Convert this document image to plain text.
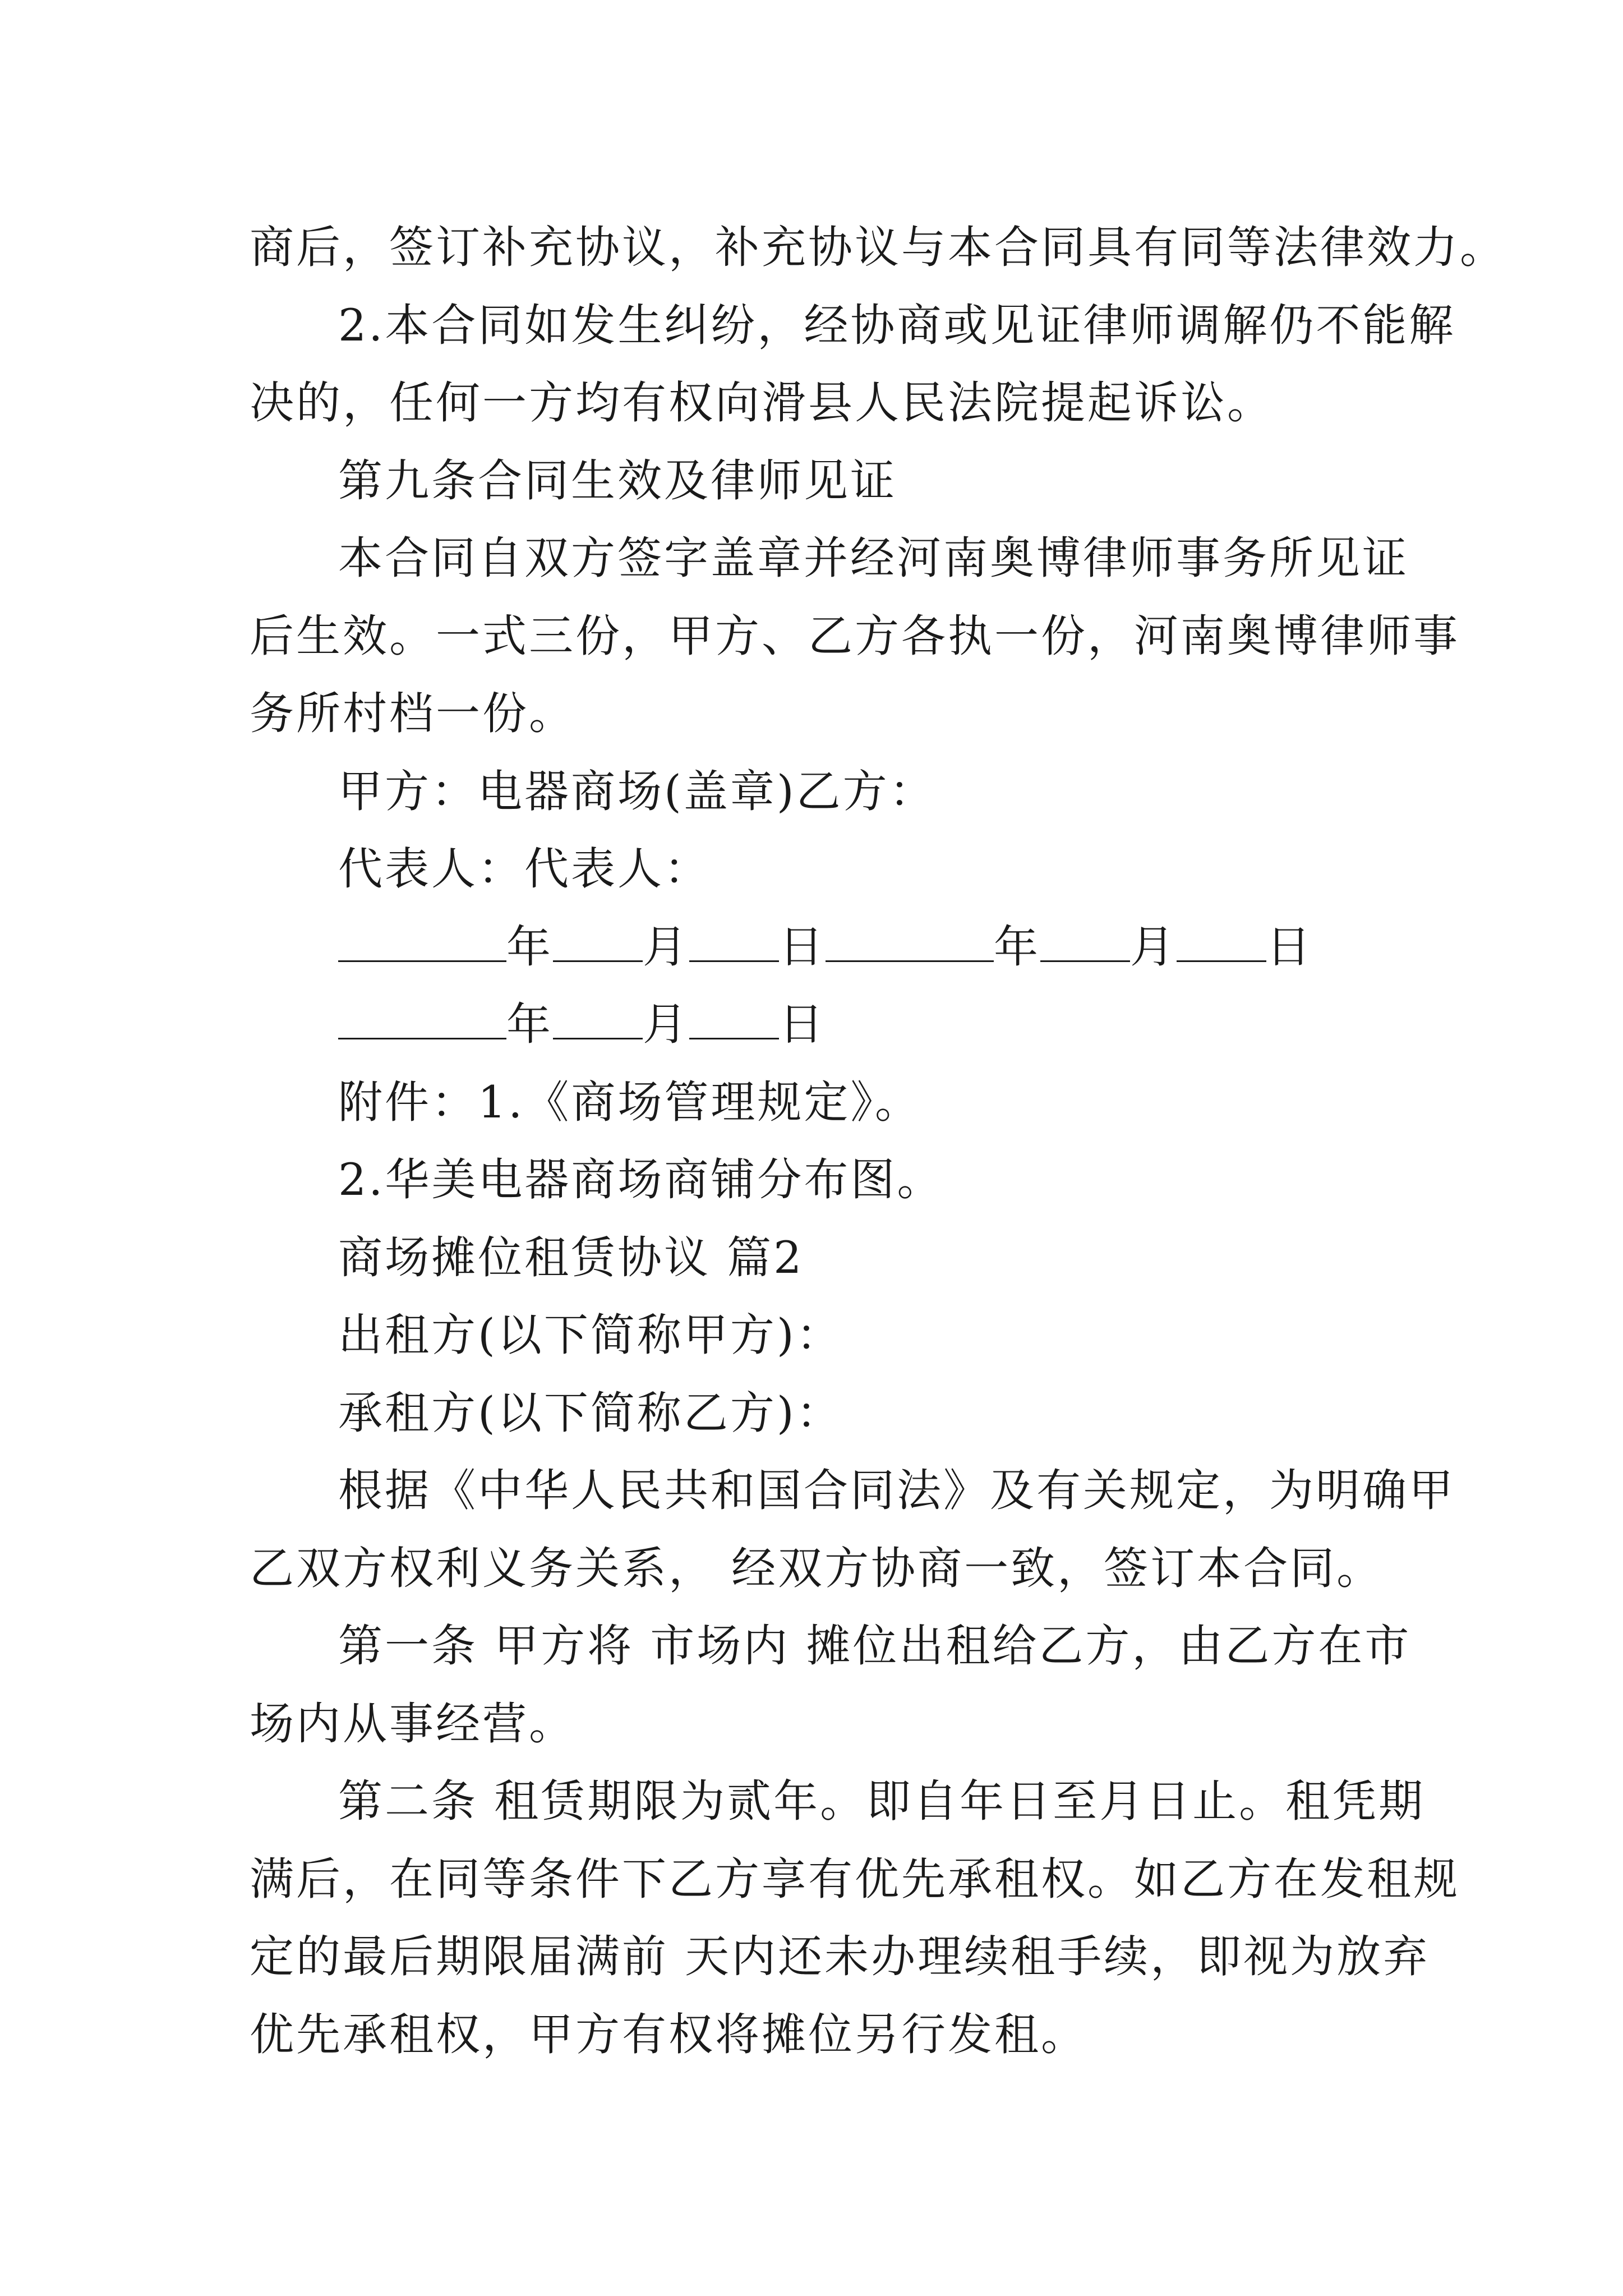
商后，签订补充协议，补充协议与本合同具有同等法律效力。
2.本合同如发生纠纷，经协商或见证律师调解仍不能解
决的，任何一方均有权向滑县人民法院提起诉讼。
第九条合同生效及律师见证
本合同自双方签字盖章并经河南奥博律师事务所见证
后生效。一式三份，甲方、乙方各执一份，河南奥博律师事
务所村档一份。
甲方：电器商场(盖章)乙方：
代表人：代表人：
年 月 日	年 月 日
年 月 日
附件：1.《商场管理规定》。
2.华美电器商场商铺分布图。
商场摊位租赁协议 篇2
出租方(以下简称甲方)：
承租方(以下简称乙方)：
根据《中华人民共和国合同法》及有关规定，为明确甲
乙双方权利义务关系， 经双方协商一致，签订本合同。
第一条 甲方将 市场内 摊位出租给乙方，由乙方在市
场内从事经营。
第二条 租赁期限为贰年。即自年日至月日止。租凭期
满后，在同等条件下乙方享有优先承租权。如乙方在发租规
定的最后期限届满前 天内还未办理续租手续，即视为放弃
优先承租权，甲方有权将摊位另行发租。
